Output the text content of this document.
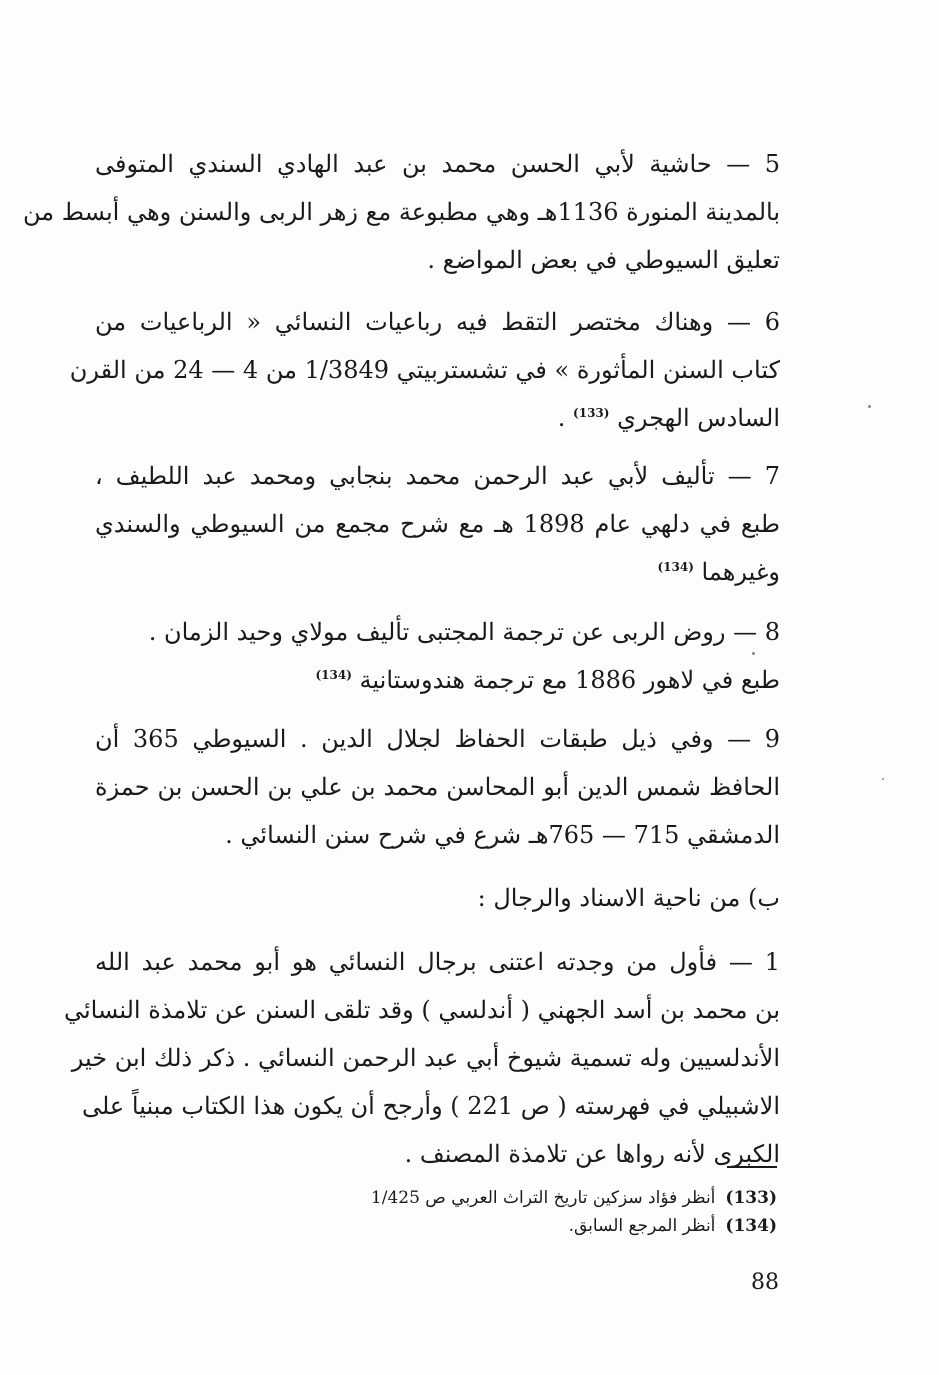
5 — حاشية لأبي الحسن محمد بن عبد الهادي السندي المتوفى
بالمدينة المنورة 1136هـ وهي مطبوعة مع زهر الربى والسنن وهي أبسط من
تعليق السيوطي في بعض المواضع .
6 — وهناك مختصر التقط فيه رباعيات النسائي « الرباعيات من
كتاب السنن المأثورة » في تشستربيتي 1/3849 من 4 — 24 من القرن
السادس الهجري $^{(133)}$ .
7 — تأليف لأبي عبد الرحمن محمد بنجابي ومحمد عبد اللطيف ،
طبع في دلهي عام 1898 هـ مع شرح مجمع من السيوطي والسندي
وغيرهما $^{(134)}$
8 — روض الربى عن ترجمة المجتبى تأليف مولاي وحيد الزمان .
طبع في لاهور 1886 مع ترجمة هندوستانية $^{(134)}$
9 — وفي ذيل طبقات الحفاظ لجلال الدين . السيوطي 365 أن
الحافظ شمس الدين أبو المحاسن محمد بن علي بن الحسن بن حمزة
الدمشقي 715 — 765هـ شرع في شرح سنن النسائي .
ب) من ناحية الاسناد والرجال :
1 — فأول من وجدته اعتنى برجال النسائي هو أبو محمد عبد الله
بن محمد بن أسد الجهني ( أندلسي ) وقد تلقى السنن عن تلامذة النسائي
الأندلسيين وله تسمية شيوخ أبي عبد الرحمن النسائي . ذكر ذلك ابن خير
الاشبيلي في فهرسته ( ص 221 ) وأرجح أن يكون هذا الكتاب مبنياً على
الكبرى لأنه رواها عن تلامذة المصنف .
(133)أنظر فؤاد سزكين تاريخ التراث العربي ص 1/425
(134)أنظر المرجع السابق.
88
